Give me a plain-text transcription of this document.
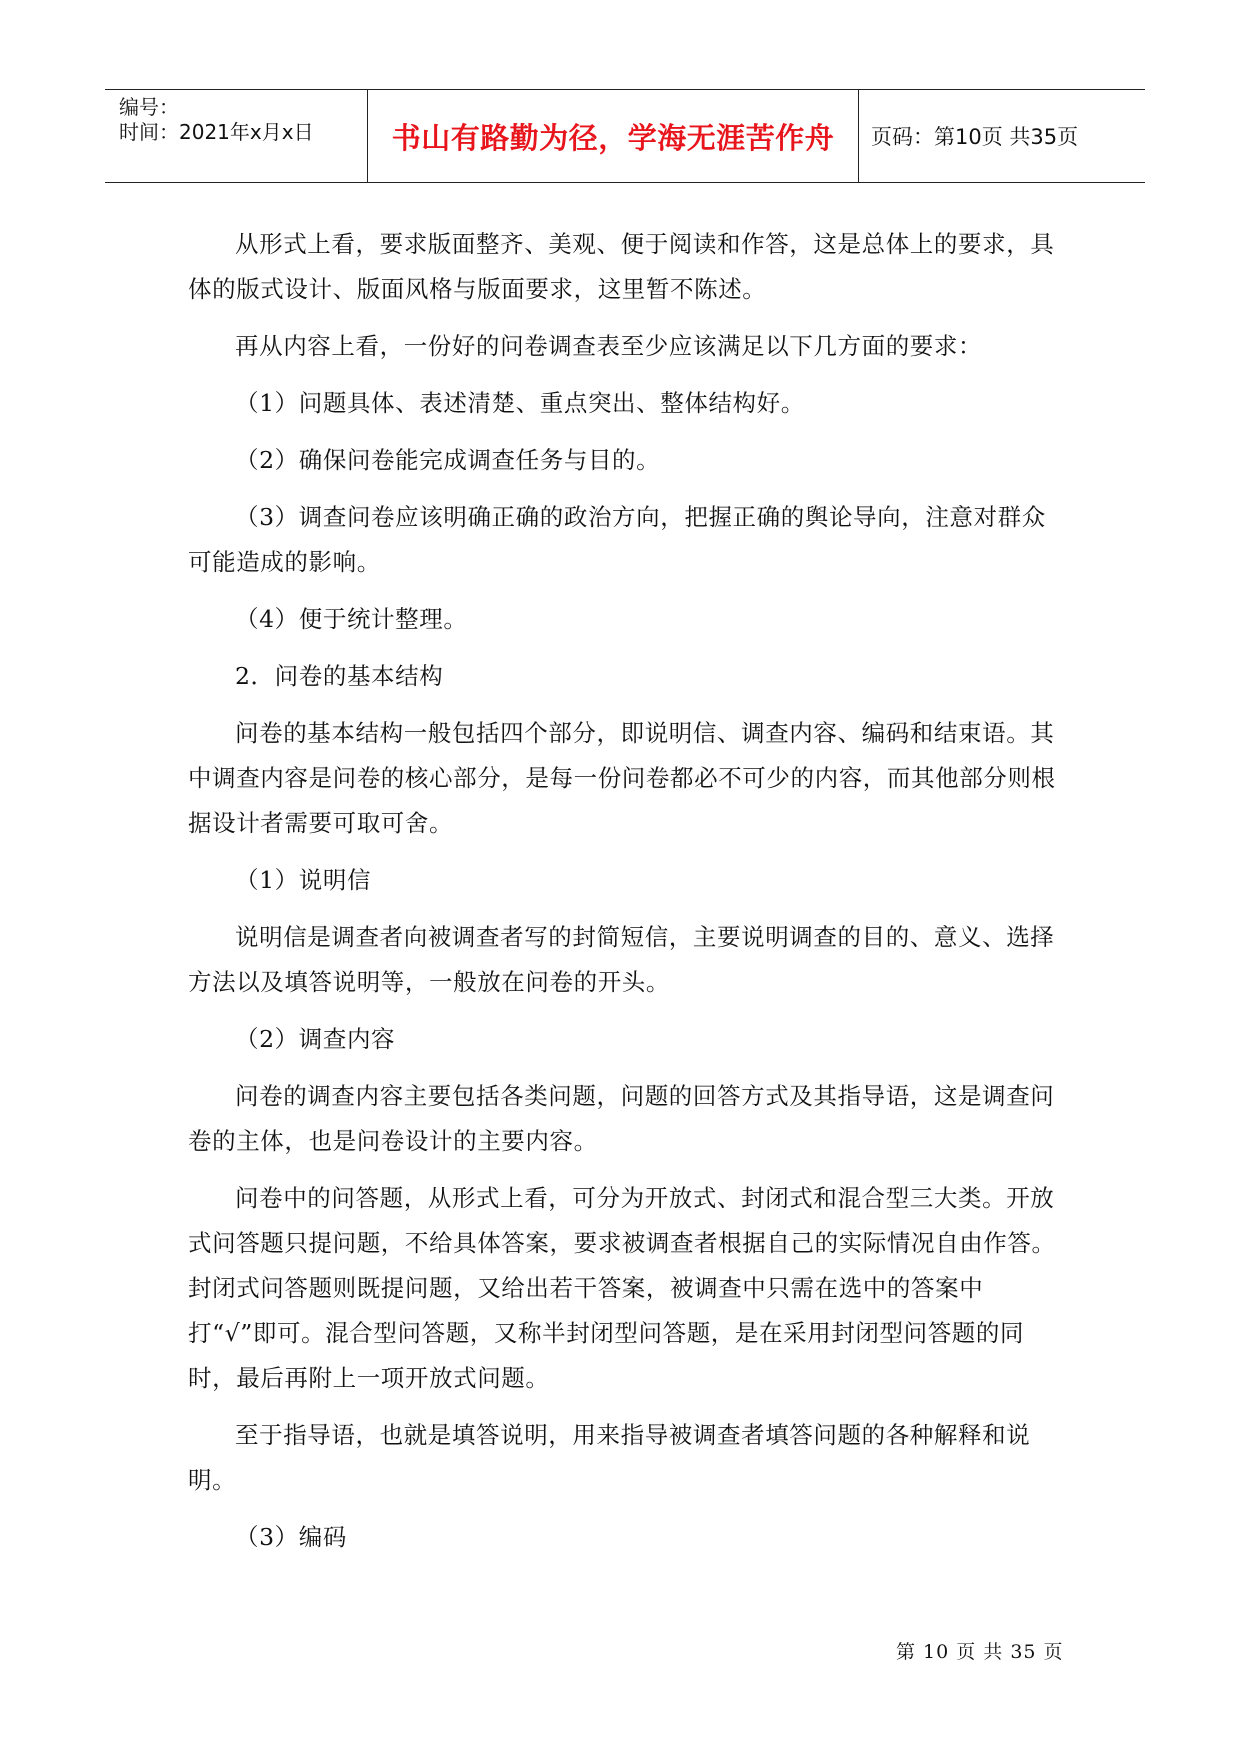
编号：
时间：2021年x月x日	书山有路勤为径，学海无涯苦作舟 页码：第10页 共35页

从形式上看，要求版面整齐、美观、便于阅读和作答，这是总体上的要求，具体的版式设计、版面风格与版面要求，这里暂不陈述。

再从内容上看，一份好的问卷调查表至少应该满足以下几方面的要求：

（1）问题具体、表述清楚、重点突出、整体结构好。

（2）确保问卷能完成调查任务与目的。

（3）调查问卷应该明确正确的政治方向，把握正确的舆论导向，注意对群众可能造成的影响。

（4）便于统计整理。

2．问卷的基本结构

问卷的基本结构一般包括四个部分，即说明信、调查内容、编码和结束语。其中调查内容是问卷的核心部分，是每一份问卷都必不可少的内容，而其他部分则根据设计者需要可取可舍。

（1）说明信

说明信是调查者向被调查者写的封简短信，主要说明调查的目的、意义、选择方法以及填答说明等，一般放在问卷的开头。

（2）调查内容

问卷的调查内容主要包括各类问题，问题的回答方式及其指导语，这是调查问卷的主体，也是问卷设计的主要内容。

问卷中的问答题，从形式上看，可分为开放式、封闭式和混合型三大类。开放式问答题只提问题，不给具体答案，要求被调查者根据自己的实际情况自由作答。封闭式问答题则既提问题，又给出若干答案，被调查中只需在选中的答案中打“√”即可。混合型问答题，又称半封闭型问答题，是在采用封闭型问答题的同时，最后再附上一项开放式问题。

至于指导语，也就是填答说明，用来指导被调查者填答问题的各种解释和说明。

（3）编码

第 10 页 共 35 页
